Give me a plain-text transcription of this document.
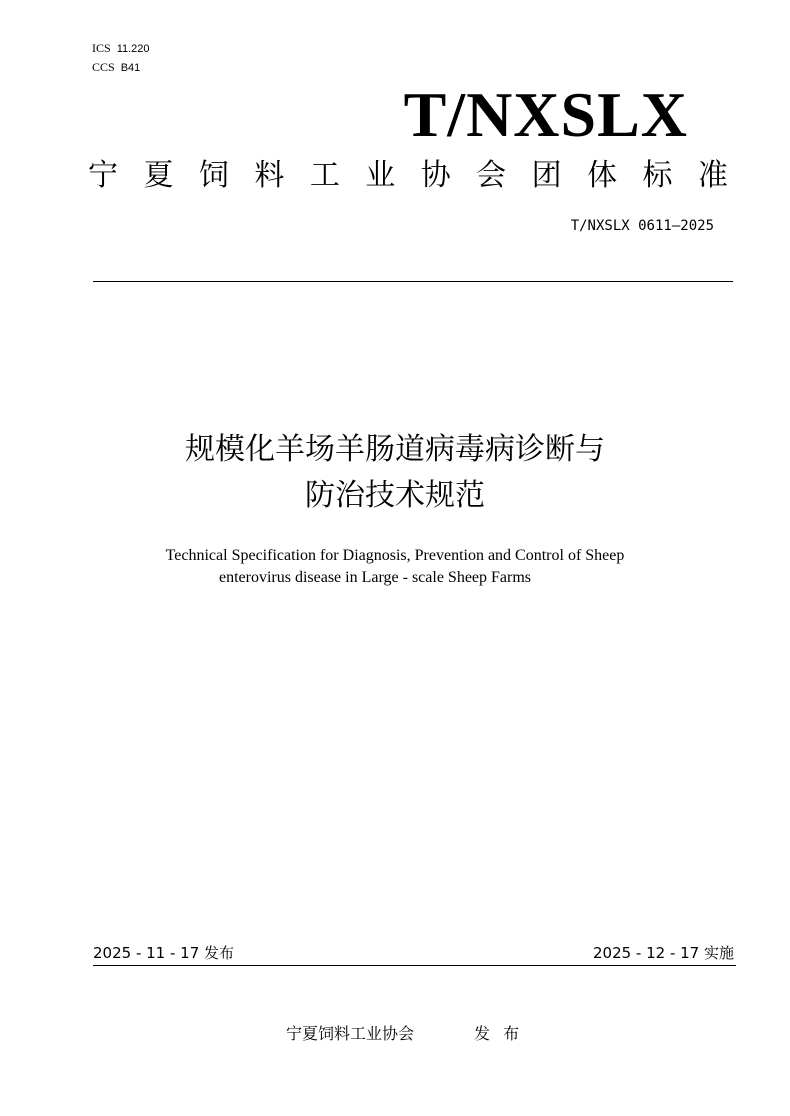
ICS 11.220
CCS B41
T/NXSLX
宁 夏 饲 料 工 业 协 会 团 体 标 准
T/NXSLX 0611—2025
规模化羊场羊肠道病毒病诊断与
防治技术规范
Technical Specification for Diagnosis, Prevention and Control of Sheep
enterovirus disease in Large - scale Sheep Farms
2025 - 11 - 17 发布	2025 - 12 - 17 实施
宁夏饲料工业协会	发 布
